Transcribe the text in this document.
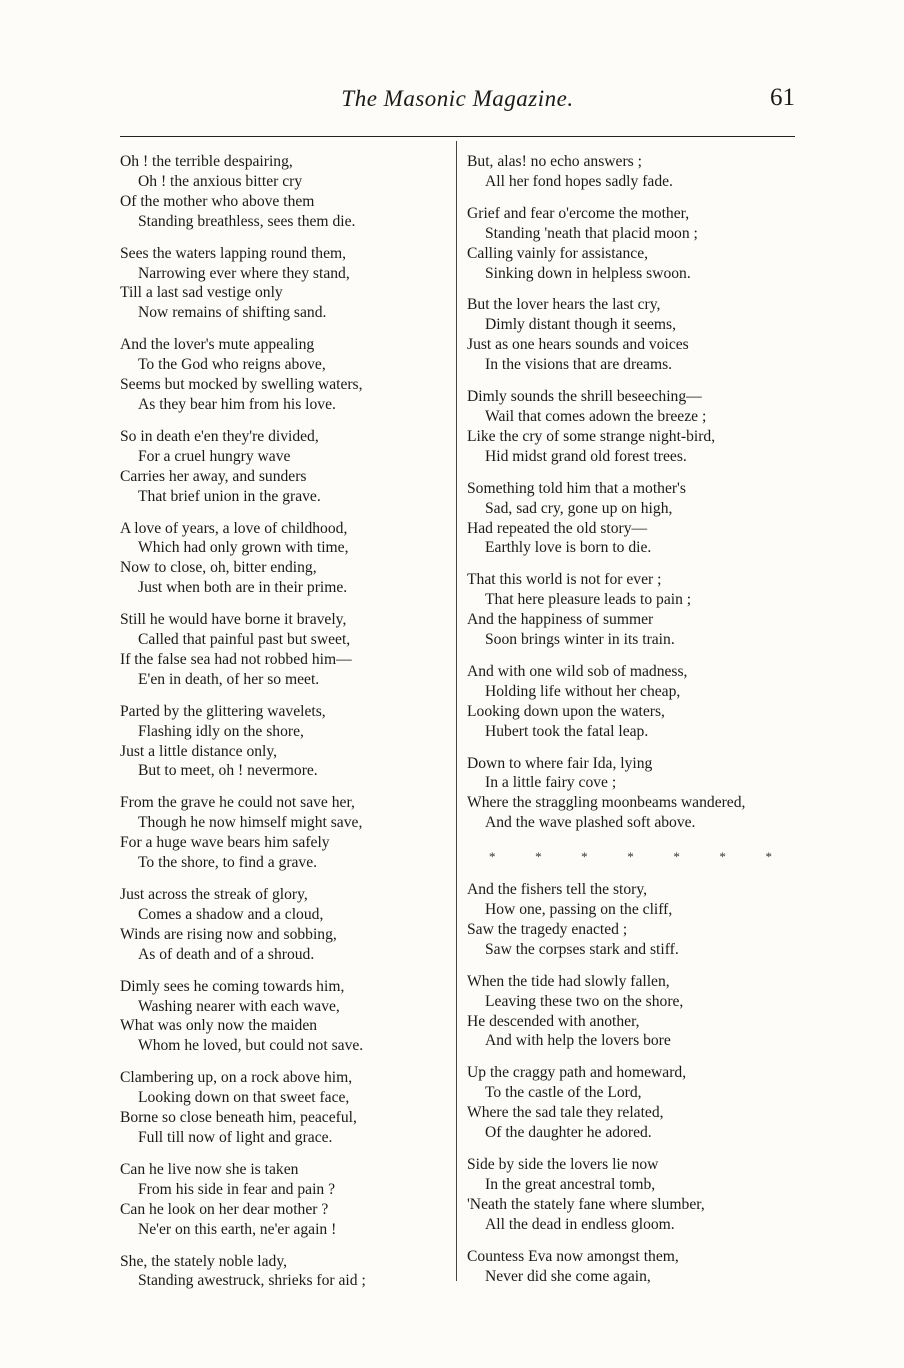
The Masonic Magazine.	61
Oh ! the terrible despairing,
Oh ! the anxious bitter cry
Of the mother who above them
Standing breathless, sees them die.
Sees the waters lapping round them,
Narrowing ever where they stand,
Till a last sad vestige only
Now remains of shifting sand.
And the lover's mute appealing
To the God who reigns above,
Seems but mocked by swelling waters,
As they bear him from his love.
So in death e'en they're divided,
For a cruel hungry wave
Carries her away, and sunders
That brief union in the grave.
A love of years, a love of childhood,
Which had only grown with time,
Now to close, oh, bitter ending,
Just when both are in their prime.
Still he would have borne it bravely,
Called that painful past but sweet,
If the false sea had not robbed him—
E'en in death, of her so meet.
Parted by the glittering wavelets,
Flashing idly on the shore,
Just a little distance only,
But to meet, oh ! nevermore.
From the grave he could not save her,
Though he now himself might save,
For a huge wave bears him safely
To the shore, to find a grave.
Just across the streak of glory,
Comes a shadow and a cloud,
Winds are rising now and sobbing,
As of death and of a shroud.
Dimly sees he coming towards him,
Washing nearer with each wave,
What was only now the maiden
Whom he loved, but could not save.
Clambering up, on a rock above him,
Looking down on that sweet face,
Borne so close beneath him, peaceful,
Full till now of light and grace.
Can he live now she is taken
From his side in fear and pain ?
Can he look on her dear mother ?
Ne'er on this earth, ne'er again !
She, the stately noble lady,
Standing awestruck, shrieks for aid ;
But, alas! no echo answers ;
All her fond hopes sadly fade.
Grief and fear o'ercome the mother,
Standing 'neath that placid moon ;
Calling vainly for assistance,
Sinking down in helpless swoon.
But the lover hears the last cry,
Dimly distant though it seems,
Just as one hears sounds and voices
In the visions that are dreams.
Dimly sounds the shrill beseeching—
Wail that comes adown the breeze ;
Like the cry of some strange night-bird,
Hid midst grand old forest trees.
Something told him that a mother's
Sad, sad cry, gone up on high,
Had repeated the old story—
Earthly love is born to die.
That this world is not for ever ;
That here pleasure leads to pain ;
And the happiness of summer
Soon brings winter in its train.
And with one wild sob of madness,
Holding life without her cheap,
Looking down upon the waters,
Hubert took the fatal leap.
Down to where fair Ida, lying
In a little fairy cove ;
Where the straggling moonbeams wandered,
And the wave plashed soft above.
*	*	*	*	*	*	*
And the fishers tell the story,
How one, passing on the cliff,
Saw the tragedy enacted ;
Saw the corpses stark and stiff.
When the tide had slowly fallen,
Leaving these two on the shore,
He descended with another,
And with help the lovers bore
Up the craggy path and homeward,
To the castle of the Lord,
Where the sad tale they related,
Of the daughter he adored.
Side by side the lovers lie now
In the great ancestral tomb,
'Neath the stately fane where slumber,
All the dead in endless gloom.
Countess Eva now amongst them,
Never did she come again,
